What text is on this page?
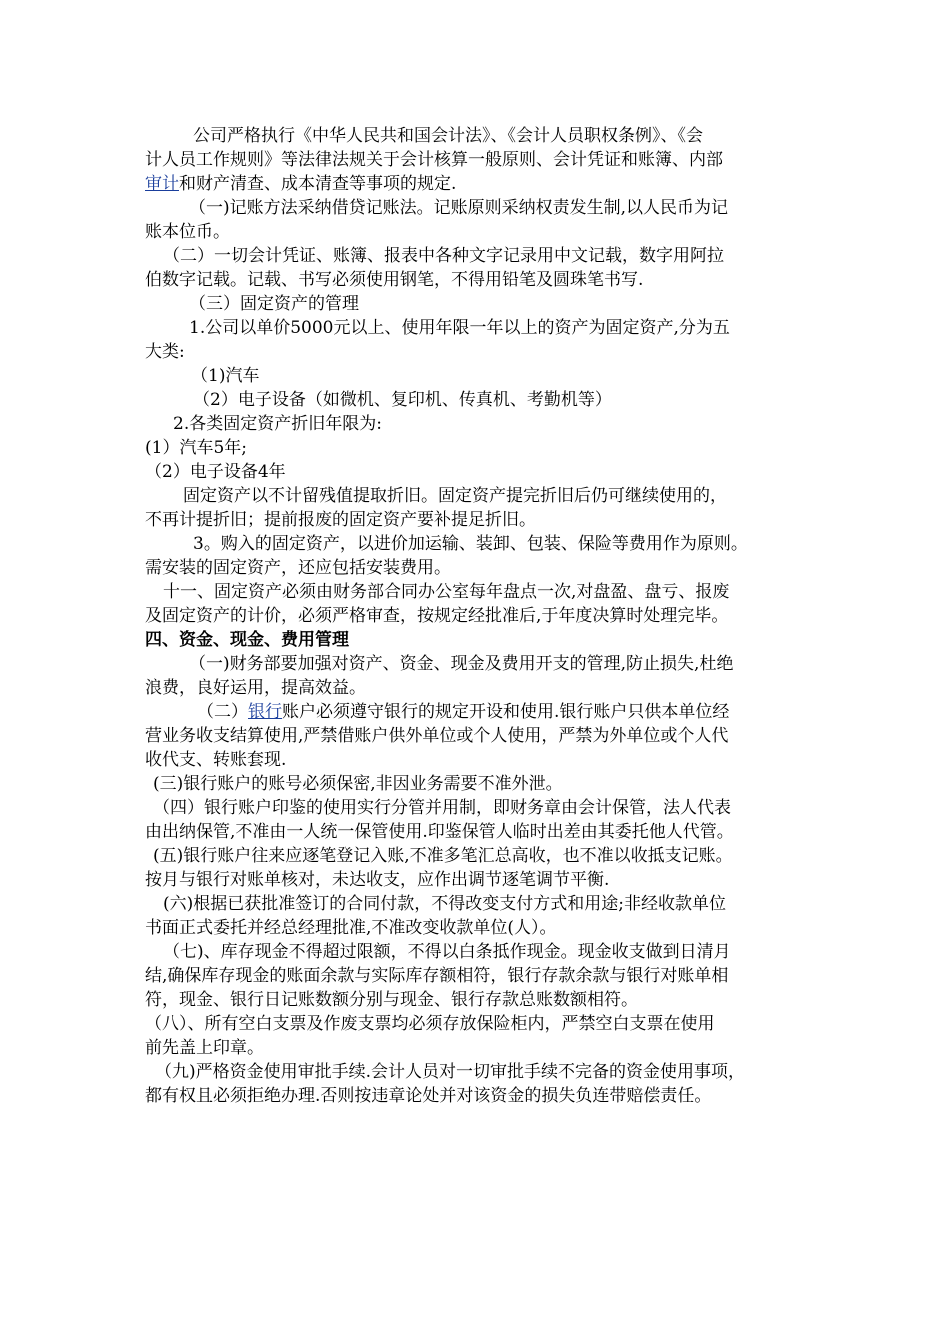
公司严格执行《中华人民共和国会计法》、《会计人员职权条例》、《会
计人员工作规则》等法律法规关于会计核算一般原则、会计凭证和账簿、内部
审计和财产清查、成本清查等事项的规定.

（一)记账方法采纳借贷记账法。记账原则采纳权责发生制,以人民币为记
账本位币。

（二）一切会计凭证、账簿、报表中各种文字记录用中文记载，数字用阿拉
伯数字记载。记载、书写必须使用钢笔，不得用铅笔及圆珠笔书写.

（三）固定资产的管理

1.公司以单价5000元以上、使用年限一年以上的资产为固定资产,分为五
大类:

（1)汽车

（2）电子设备（如微机、复印机、传真机、考勤机等）

2.各类固定资产折旧年限为:

(1）汽车5年;

（2）电子设备4年

固定资产以不计留残值提取折旧。固定资产提完折旧后仍可继续使用的，
不再计提折旧；提前报废的固定资产要补提足折旧。

3。购入的固定资产，以进价加运输、装卸、包装、保险等费用作为原则。
需安装的固定资产，还应包括安装费用。

十一、固定资产必须由财务部合同办公室每年盘点一次,对盘盈、盘亏、报废
及固定资产的计价，必须严格审查，按规定经批准后,于年度决算时处理完毕。

四、资金、现金、费用管理

（一)财务部要加强对资产、资金、现金及费用开支的管理,防止损失,杜绝
浪费，良好运用，提高效益。

（二）银行账户必须遵守银行的规定开设和使用.银行账户只供本单位经
营业务收支结算使用,严禁借账户供外单位或个人使用，严禁为外单位或个人代
收代支、转账套现.

(三)银行账户的账号必须保密,非因业务需要不准外泄。

（四）银行账户印鉴的使用实行分管并用制，即财务章由会计保管，法人代表
由出纳保管,不准由一人统一保管使用.印鉴保管人临时出差由其委托他人代管。

(五)银行账户往来应逐笔登记入账,不准多笔汇总高收，也不准以收抵支记账。
按月与银行对账单核对，未达收支，应作出调节逐笔调节平衡.

(六)根据已获批准签订的合同付款，不得改变支付方式和用途;非经收款单位
书面正式委托并经总经理批准,不准改变收款单位(人）。

（七)、库存现金不得超过限额，不得以白条抵作现金。现金收支做到日清月
结,确保库存现金的账面余款与实际库存额相符，银行存款余款与银行对账单相
符，现金、银行日记账数额分别与现金、银行存款总账数额相符。

（八）、所有空白支票及作废支票均必须存放保险柜内，严禁空白支票在使用
前先盖上印章。

（九)严格资金使用审批手续.会计人员对一切审批手续不完备的资金使用事项，
都有权且必须拒绝办理.否则按违章论处并对该资金的损失负连带赔偿责任。
